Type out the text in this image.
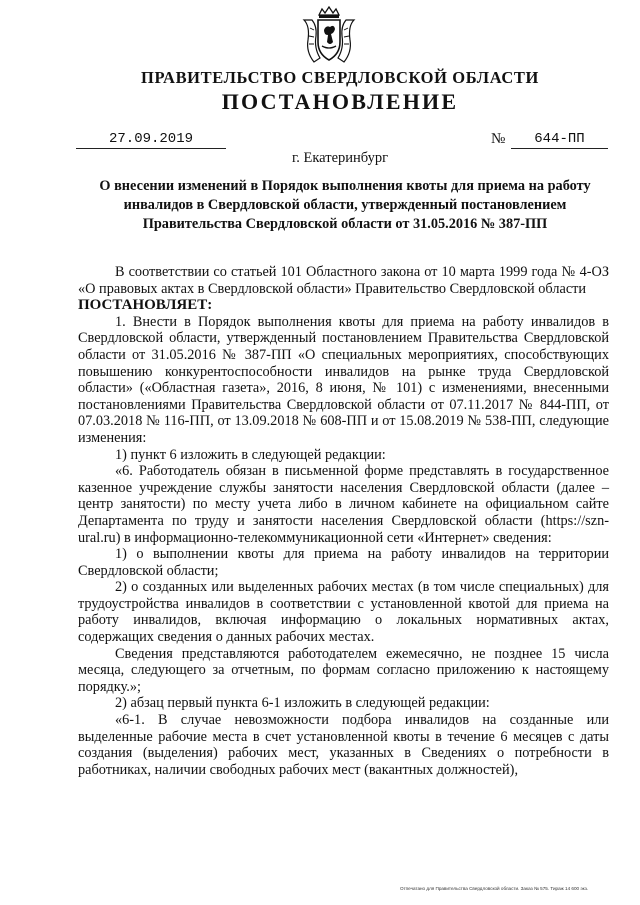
ПРАВИТЕЛЬСТВО СВЕРДЛОВСКОЙ ОБЛАСТИ
ПОСТАНОВЛЕНИЕ
27.09.2019	№	644-ПП
г. Екатеринбург
О внесении изменений в Порядок выполнения квоты для приема на работу инвалидов в Свердловской области, утвержденный постановлением Правительства Свердловской области от 31.05.2016 № 387-ПП

В соответствии со статьей 101 Областного закона от 10 марта 1999 года № 4-ОЗ «О правовых актах в Свердловской области» Правительство Свердловской области

ПОСТАНОВЛЯЕТ:

1. Внести в Порядок выполнения квоты для приема на работу инвалидов в Свердловской области, утвержденный постановлением Правительства Свердловской области от 31.05.2016 № 387-ПП «О специальных мероприятиях, способствующих повышению конкурентоспособности инвалидов на рынке труда Свердловской области» («Областная газета», 2016, 8 июня, № 101) с изменениями, внесенными постановлениями Правительства Свердловской области от 07.11.2017 № 844-ПП, от 07.03.2018 № 116-ПП, от 13.09.2018 № 608-ПП и от 15.08.2019 № 538-ПП, следующие изменения:

1) пункт 6 изложить в следующей редакции:

«6. Работодатель обязан в письменной форме представлять в государственное казенное учреждение службы занятости населения Свердловской области (далее – центр занятости) по месту учета либо в личном кабинете на официальном сайте Департамента по труду и занятости населения Свердловской области (https://szn-ural.ru) в информационно-телекоммуникационной сети «Интернет» сведения:

1) о выполнении квоты для приема на работу инвалидов на территории Свердловской области;

2) о созданных или выделенных рабочих местах (в том числе специальных) для трудоустройства инвалидов в соответствии с установленной квотой для приема на работу инвалидов, включая информацию о локальных нормативных актах, содержащих сведения о данных рабочих местах.

Сведения представляются работодателем ежемесячно, не позднее 15 числа месяца, следующего за отчетным, по формам согласно приложению к настоящему порядку.»;

2) абзац первый пункта 6-1 изложить в следующей редакции:

«6-1. В случае невозможности подбора инвалидов на созданные или выделенные рабочие места в счет установленной квоты в течение 6 месяцев с даты создания (выделения) рабочих мест, указанных в Сведениях о потребности в работниках, наличии свободных рабочих мест (вакантных должностей),

Отпечатано для Правительства Свердловской области. Заказ № 575. Тираж 14 600 экз.
